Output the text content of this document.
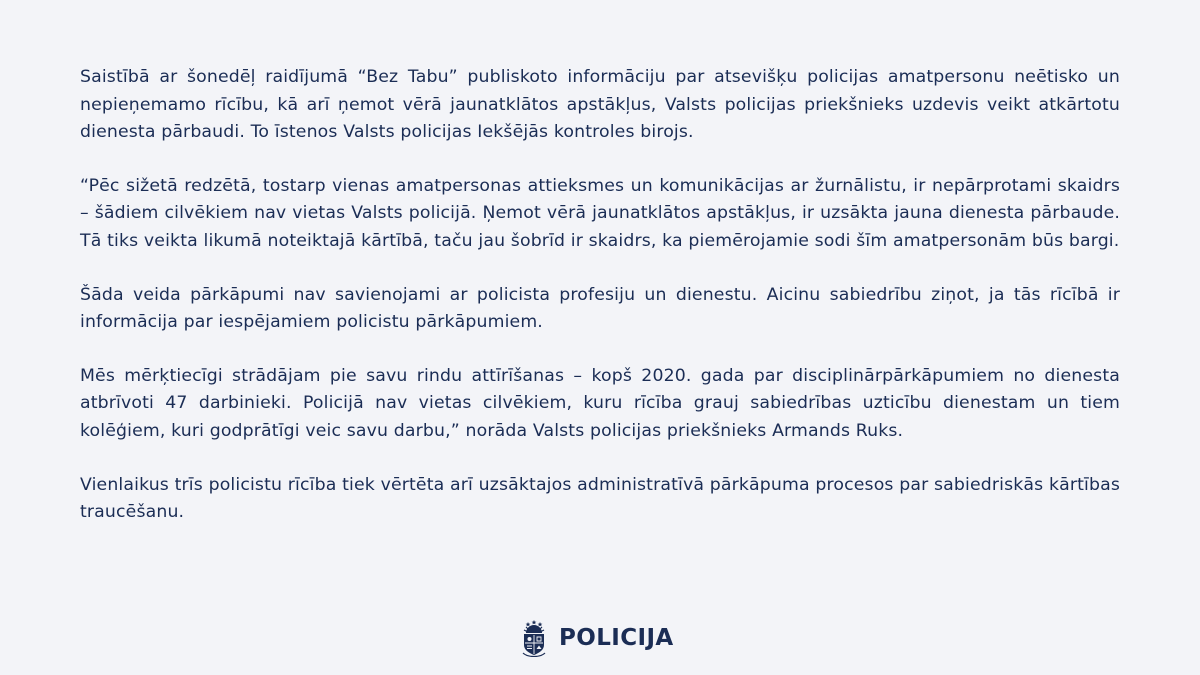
Saistībā ar šonedēļ raidījumā “Bez Tabu” publiskoto informāciju par atsevišķu policijas amatpersonu neētisko un nepieņemamo rīcību, kā arī ņemot vērā jaunatklātos apstākļus, Valsts policijas priekšnieks uzdevis veikt atkārtotu dienesta pārbaudi. To īstenos Valsts policijas Iekšējās kontroles birojs.

“Pēc sižetā redzētā, tostarp vienas amatpersonas attieksmes un komunikācijas ar žurnālistu, ir nepārprotami skaidrs – šādiem cilvēkiem nav vietas Valsts policijā. Ņemot vērā jaunatklātos apstākļus, ir uzsākta jauna dienesta pārbaude. Tā tiks veikta likumā noteiktajā kārtībā, taču jau šobrīd ir skaidrs, ka piemērojamie sodi šīm amatpersonām būs bargi.

Šāda veida pārkāpumi nav savienojami ar policista profesiju un dienestu. Aicinu sabiedrību ziņot, ja tās rīcībā ir informācija par iespējamiem policistu pārkāpumiem.

Mēs mērķtiecīgi strādājam pie savu rindu attīrīšanas – kopš 2020. gada par disciplinārpārkāpumiem no dienesta atbrīvoti 47 darbinieki. Policijā nav vietas cilvēkiem, kuru rīcība grauj sabiedrības uzticību dienestam un tiem kolēģiem, kuri godprātīgi veic savu darbu,” norāda Valsts policijas priekšnieks Armands Ruks.

Vienlaikus trīs policistu rīcība tiek vērtēta arī uzsāktajos administratīvā pārkāpuma procesos par sabiedriskās kārtības traucēšanu.

POLICIJA
